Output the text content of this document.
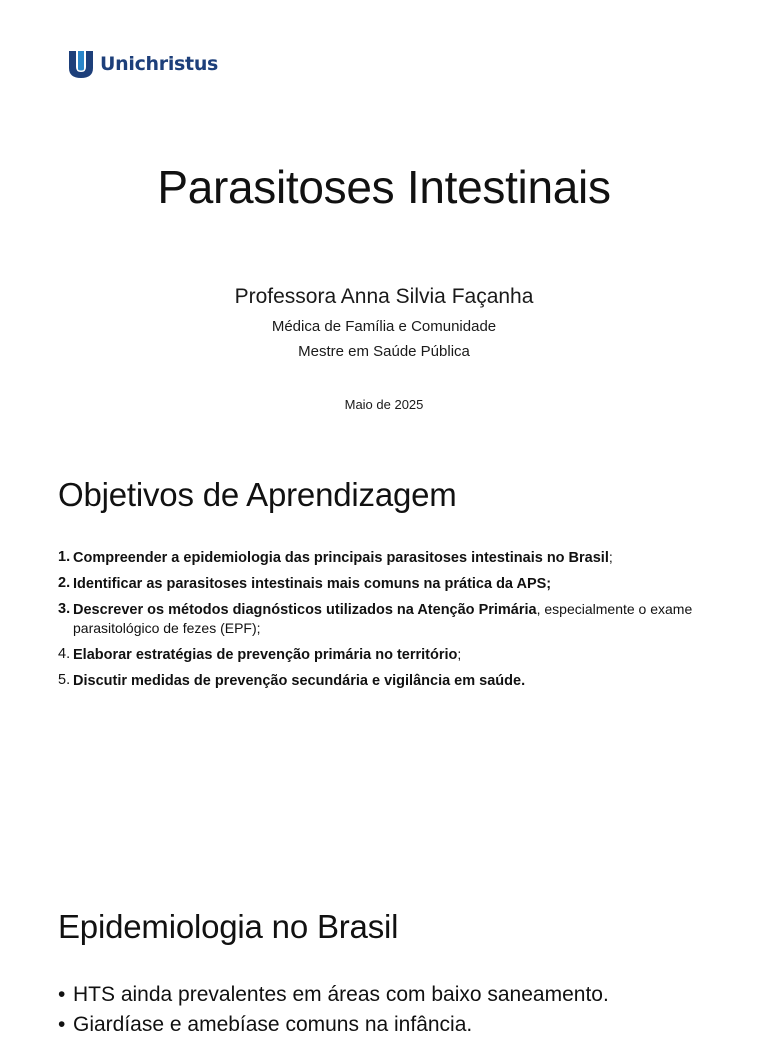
Unichristus
Parasitoses Intestinais
Professora Anna Silvia Façanha
Médica de Família e Comunidade
Mestre em Saúde Pública
Maio de 2025
Objetivos de Aprendizagem
1. Compreender a epidemiologia das principais parasitoses intestinais no Brasil;
2. Identificar as parasitoses intestinais mais comuns na prática da APS;
3. Descrever os métodos diagnósticos utilizados na Atenção Primária, especialmente o exame parasitológico de fezes (EPF);
4. Elaborar estratégias de prevenção primária no território;
5. Discutir medidas de prevenção secundária e vigilância em saúde.
Epidemiologia no Brasil
• HTS ainda prevalentes em áreas com baixo saneamento.
• Giardíase e amebíase comuns na infância.
